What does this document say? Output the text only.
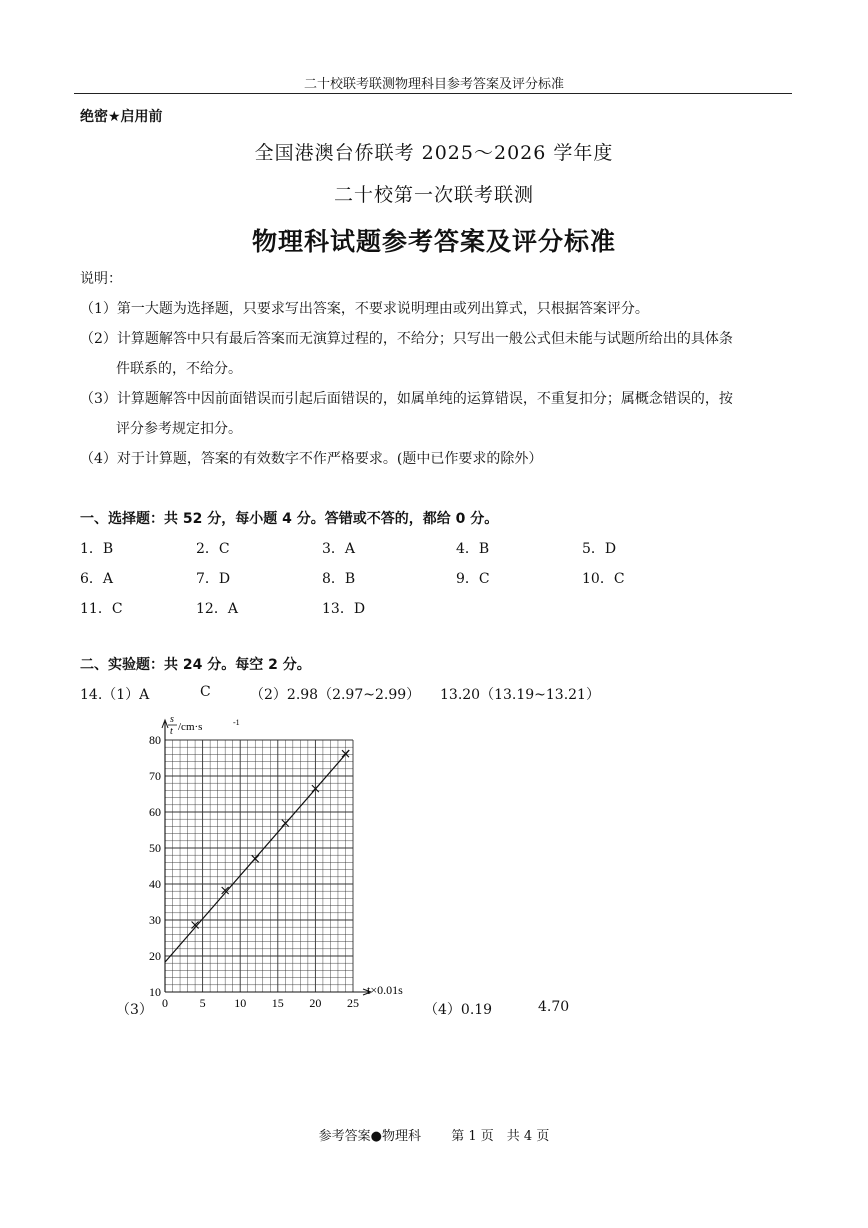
二十校联考联测物理科目参考答案及评分标准
绝密★启用前
全国港澳台侨联考 2025～2026 学年度
二十校第一次联考联测
物理科试题参考答案及评分标准
说明：
（1）第一大题为选择题，只要求写出答案，不要求说明理由或列出算式，只根据答案评分。
（2）计算题解答中只有最后答案而无演算过程的，不给分；只写出一般公式但未能与试题所给出的具体条
件联系的，不给分。
（3）计算题解答中因前面错误而引起后面错误的，如属单纯的运算错误，不重复扣分；属概念错误的，按
评分参考规定扣分。
（4）对于计算题，答案的有效数字不作严格要求。(题中已作要求的除外）
一、选择题：共 52 分，每小题 4 分。答错或不答的，都给 0 分。
1．B	2．C	3．A	4．B	5．D
6．A	7．D	8．B	9．C	10．C
11．C	12．A	13．D
二、实验题：共 24 分。每空 2 分。
14.（1）A	C	（2）2.98（2.97~2.99） 13.20（13.19~13.21）
（3） 0	5 10 15 20 25
10
20
30
40
50
60
70
80
s
t /cm·s	-1
t×0.01s
（4）0.19	4.70
参考答案●物理科 第 1 页　共 4 页
